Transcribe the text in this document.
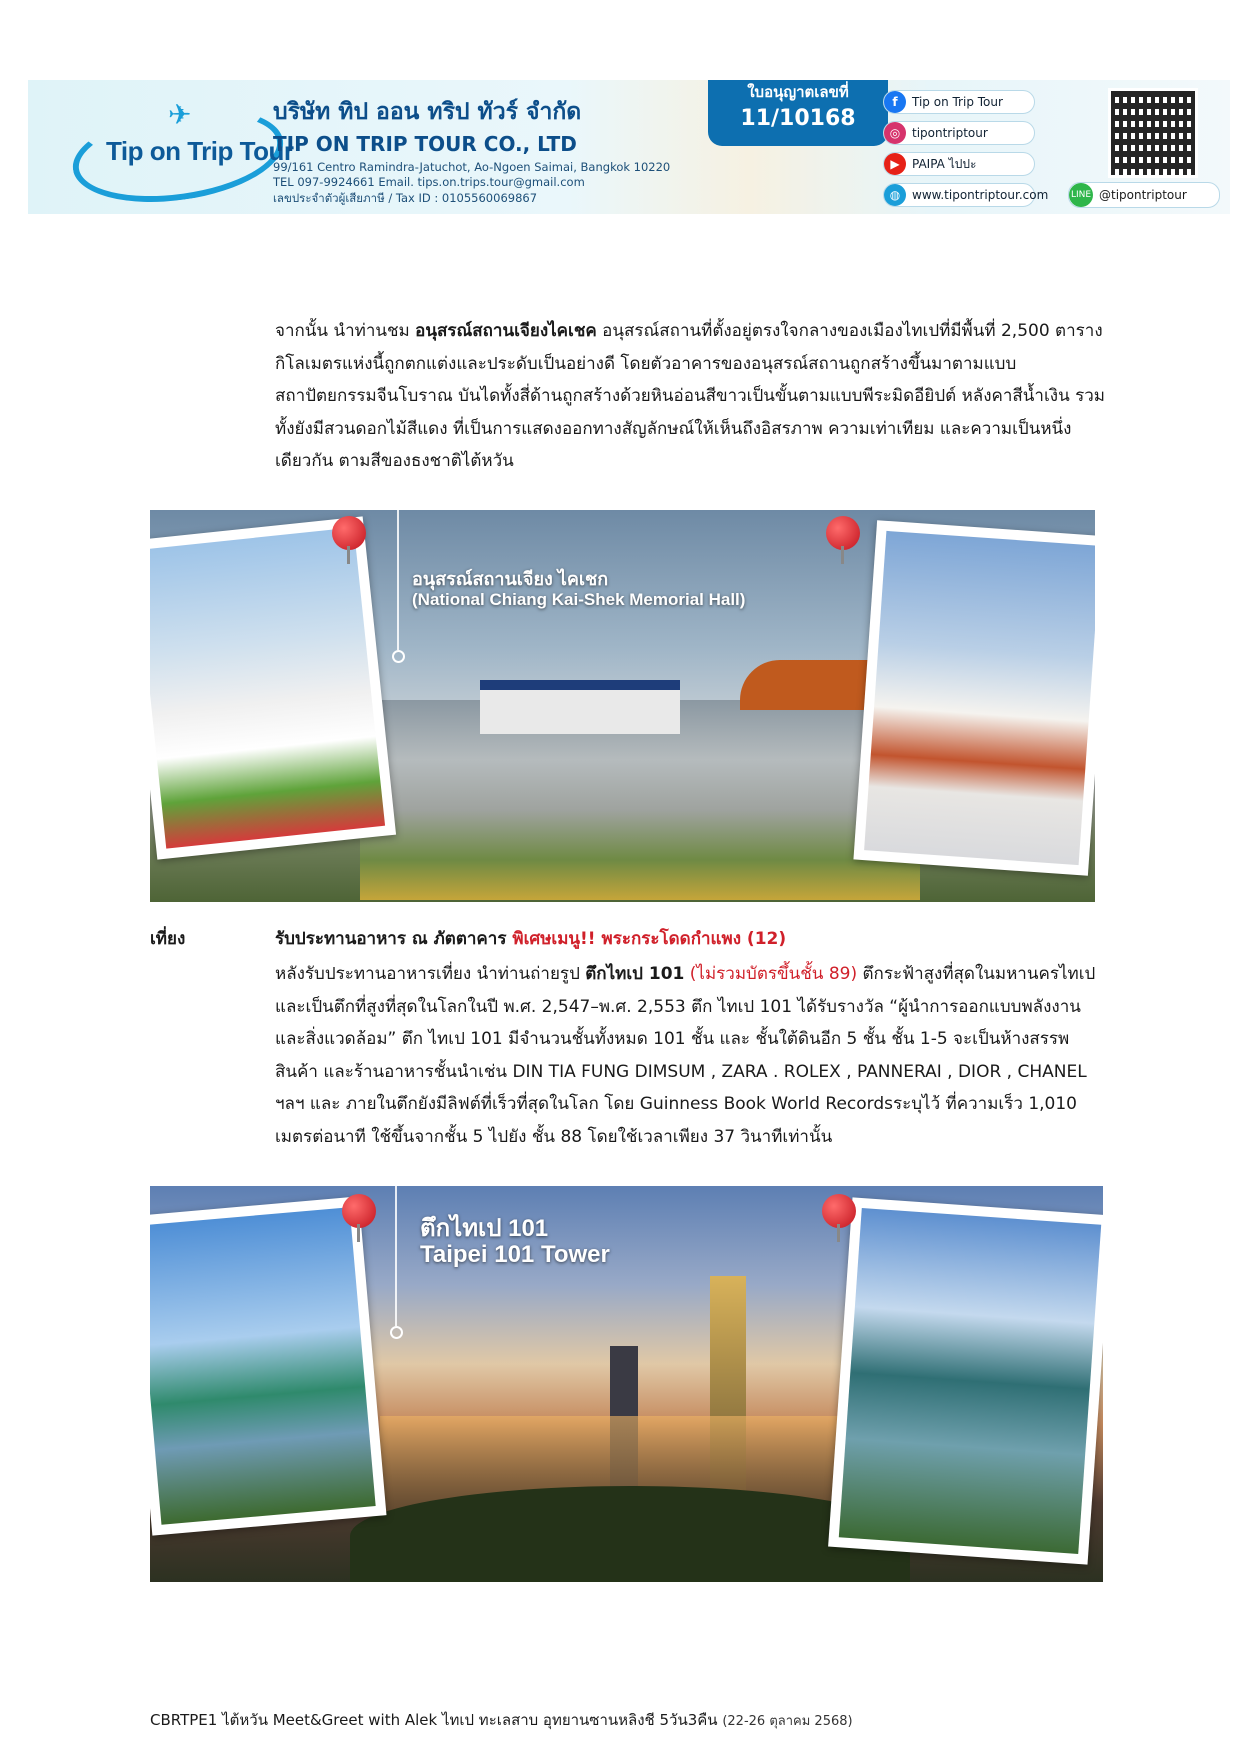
✈
Tip on Trip Tour
บริษัท ทิป ออน ทริป ทัวร์ จำกัด
TIP ON TRIP TOUR CO., LTD
99/161 Centro Ramindra-Jatuchot, Ao-Ngoen Saimai, Bangkok 10220
TEL 097-9924661 Email. tips.on.trips.tour@gmail.com
เลขประจำตัวผู้เสียภาษี / Tax ID : 0105560069867
ใบอนุญาตเลขที่
11/10168
f	Tip on Trip Tour
◎ tipontriptour
▶	PAIPA ไปปะ
◍ www.tipontriptour.com	LINE @tipontriptour
จากนั้น นำท่านชม อนุสรณ์สถานเจียงไคเชค อนุสรณ์สถานที่ตั้งอยู่ตรงใจกลางของเมืองไทเปที่มีพื้นที่ 2,500 ตารางกิโลเมตรแห่งนี้ถูกตกแต่งและประดับเป็นอย่างดี โดยตัวอาคารของอนุสรณ์สถานถูกสร้างขึ้นมาตามแบบสถาปัตยกรรมจีนโบราณ บันไดทั้งสี่ด้านถูกสร้างด้วยหินอ่อนสีขาวเป็นขั้นตามแบบพีระมิดอียิปต์ หลังคาสีน้ำเงิน รวมทั้งยังมีสวนดอกไม้สีแดง ที่เป็นการแสดงออกทางสัญลักษณ์ให้เห็นถึงอิสรภาพ ความเท่าเทียม และความเป็นหนึ่งเดียวกัน ตามสีของธงชาติไต้หวัน
อนุสรณ์สถานเจียง ไคเชก
(National Chiang Kai-Shek Memorial Hall)
เที่ยง	รับประทานอาหาร ณ ภัตตาคาร พิเศษเมนู!! พระกระโดดกำแพง (12)
หลังรับประทานอาหารเที่ยง นำท่านถ่ายรูป ตึกไทเป 101 (ไม่รวมบัตรขึ้นชั้น 89) ตึกระฟ้าสูงที่สุดในมหานครไทเป และเป็นตึกที่สูงที่สุดในโลกในปี พ.ศ. 2,547–พ.ศ. 2,553 ตึก ไทเป 101 ได้รับรางวัล “ผู้นำการออกแบบพลังงานและสิ่งแวดล้อม” ตึก ไทเป 101 มีจำนวนชั้นทั้งหมด 101 ชั้น และ ชั้นใต้ดินอีก 5 ชั้น ชั้น 1-5 จะเป็นห้างสรรพสินค้า และร้านอาหารชั้นนำเช่น DIN TIA FUNG DIMSUM , ZARA . ROLEX , PANNERAI , DIOR , CHANEL ฯลฯ และ ภายในตึกยังมีลิฟต์ที่เร็วที่สุดในโลก โดย Guinness Book World Recordsระบุไว้ ที่ความเร็ว 1,010 เมตรต่อนาที ใช้ขึ้นจากชั้น 5 ไปยัง ชั้น 88 โดยใช้เวลาเพียง 37 วินาทีเท่านั้น
ตึกไทเป 101
Taipei 101 Tower
CBRTPE1 ไต้หวัน Meet&Greet with Alek ไทเป ทะเลสาบ อุทยานซานหลิงชี 5วัน3คืน (22-26 ตุลาคม 2568)
